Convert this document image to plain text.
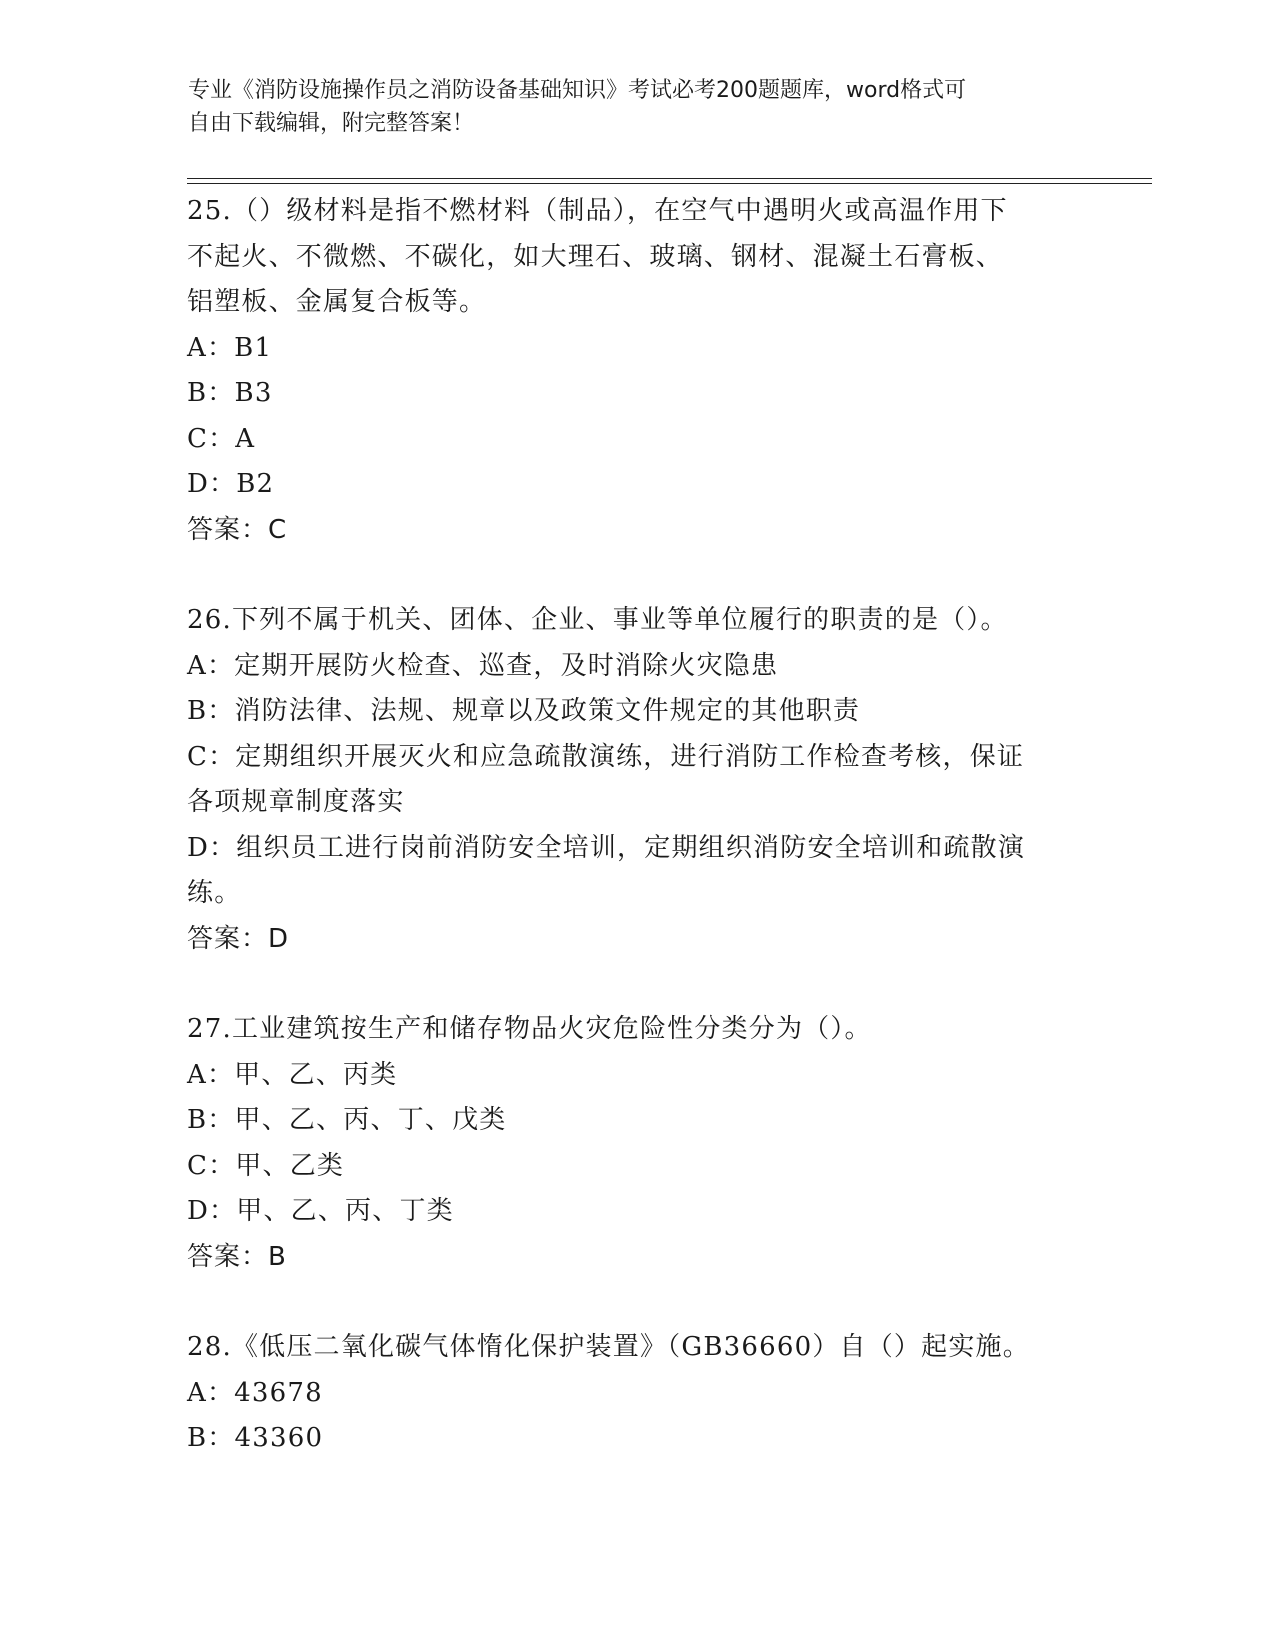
专业《消防设施操作员之消防设备基础知识》考试必考200题题库，word格式可
自由下载编辑，附完整答案！
25.（）级材料是指不燃材料（制品），在空气中遇明火或高温作用下
不起火、不微燃、不碳化，如大理石、玻璃、钢材、混凝土石膏板、
铝塑板、金属复合板等。
A：B1
B：B3
C：A
D：B2
答案：C
26.下列不属于机关、团体、企业、事业等单位履行的职责的是（）。
A：定期开展防火检查、巡查，及时消除火灾隐患
B：消防法律、法规、规章以及政策文件规定的其他职责
C：定期组织开展灭火和应急疏散演练，进行消防工作检查考核，保证
各项规章制度落实
D：组织员工进行岗前消防安全培训，定期组织消防安全培训和疏散演
练。
答案：D
27.工业建筑按生产和储存物品火灾危险性分类分为（）。
A：甲、乙、丙类
B：甲、乙、丙、丁、戊类
C：甲、乙类
D：甲、乙、丙、丁类
答案：B
28.《低压二氧化碳气体惰化保护装置》（GB36660）自（）起实施。
A：43678
B：43360
